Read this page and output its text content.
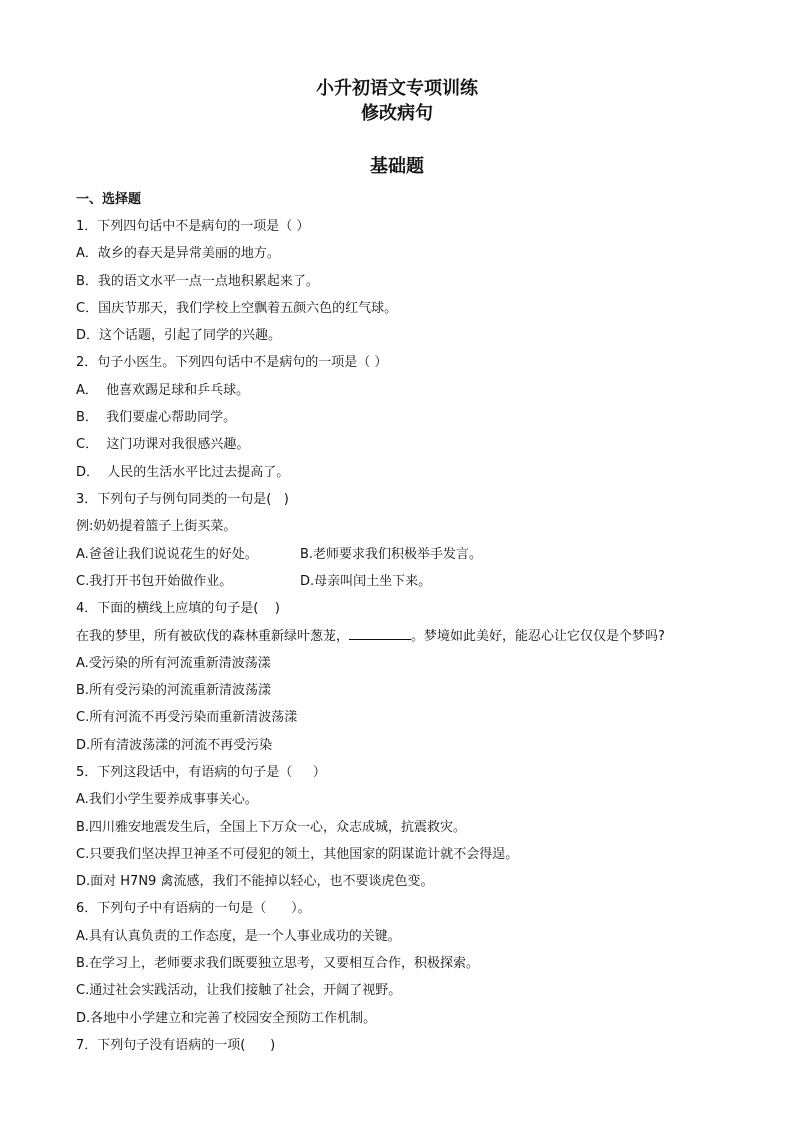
小升初语文专项训练
修改病句
基础题
一、选择题
1．下列四句话中不是病句的一项是（ ）
A．故乡的春天是异常美丽的地方。
B．我的语文水平一点一点地积累起来了。
C．国庆节那天，我们学校上空飘着五颜六色的红气球。
D．这个话题，引起了同学的兴趣。
2．句子小医生。下列四句话中不是病句的一项是（ ）
A．  他喜欢踢足球和乒乓球。
B．  我们要虚心帮助同学。
C．  这门功课对我很感兴趣。
D．  人民的生活水平比过去提高了。
3．下列句子与例句同类的一句是(   )
例:奶奶提着篮子上街买菜。
A.爸爸让我们说说花生的好处。	B.老师要求我们积极举手发言。
C.我打开书包开始做作业。	D.母亲叫闰土坐下来。
4．下面的横线上应填的句子是(    )
在我的梦里，所有被砍伐的森林重新绿叶葱茏，	。梦境如此美好，能忍心让它仅仅是个梦吗?
A.受污染的所有河流重新清波荡漾
B.所有受污染的河流重新清波荡漾
C.所有河流不再受污染而重新清波荡漾
D.所有清波荡漾的河流不再受污染
5．下列这段话中，有语病的句子是（     ）
A.我们小学生要养成事事关心。
B.四川雅安地震发生后，全国上下万众一心，众志成城，抗震救灾。
C.只要我们坚决捍卫神圣不可侵犯的领土，其他国家的阴谋诡计就不会得逞。
D.面对 H7N9 禽流感，我们不能掉以轻心，也不要谈虎色变。
6．下列句子中有语病的一句是（      ）。
A.具有认真负责的工作态度，是一个人事业成功的关键。
B.在学习上，老师要求我们既要独立思考，又要相互合作，积极探索。
C.通过社会实践活动，让我们接触了社会，开阔了视野。
D.各地中小学建立和完善了校园安全预防工作机制。
7．下列句子没有语病的一项(      )
